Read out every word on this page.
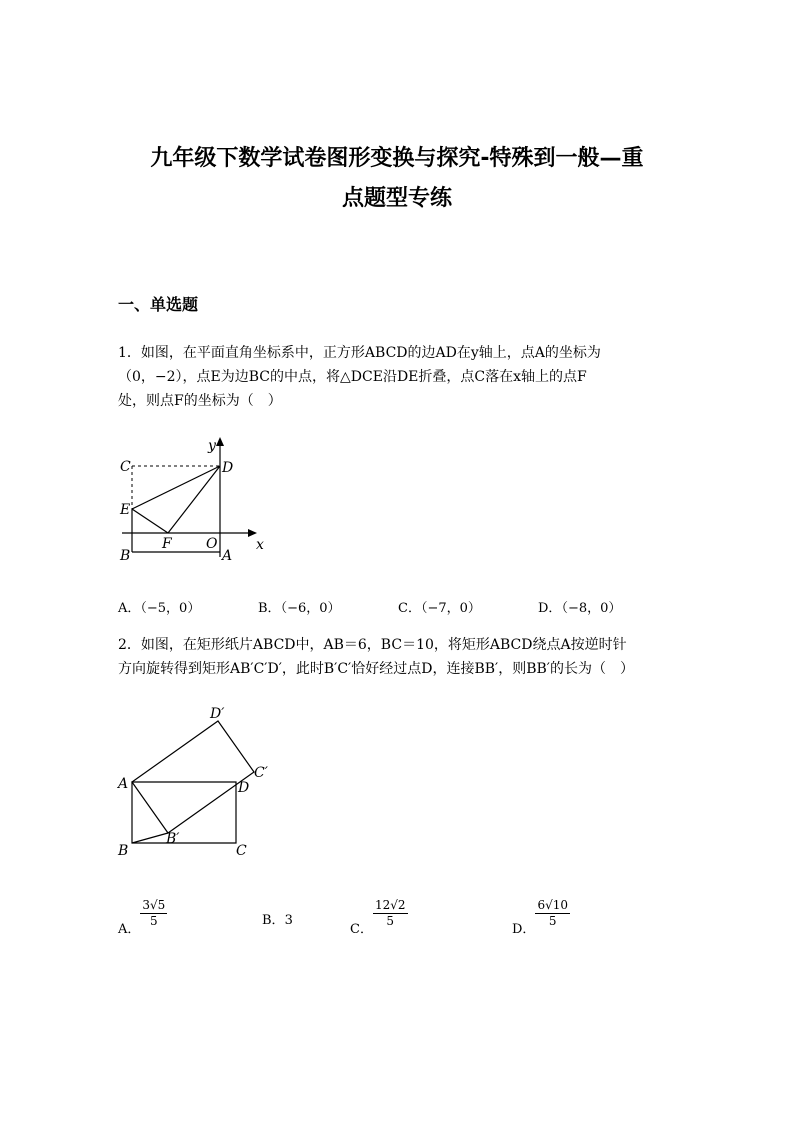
九年级下数学试卷图形变换与探究-特殊到一般—重
点题型专练
一、单选题
1．如图，在平面直角坐标系中，正方形ABCD的边AD在y轴上，点A的坐标为
（0，−2），点E为边BC的中点，将△DCE沿DE折叠，点C落在x轴上的点F
处，则点F的坐标为（　）
y
x
C	D
E
F O
B	A
A．（−5，0）	B．（−6，0）	C．（−7，0）	D．（−8，0）
2．如图，在矩形纸片ABCD中，AB＝6，BC＝10，将矩形ABCD绕点A按逆时针
方向旋转得到矩形AB′C′D′，此时B′C′恰好经过点D，连接BB′，则BB′的长为（　）
D′
C′
A	D
B′
B	C
A．
$\frac{3√5}{5}$	B．3
C．
$\frac{12√2}{5}$
D．
$\frac{6√10}{5}$
